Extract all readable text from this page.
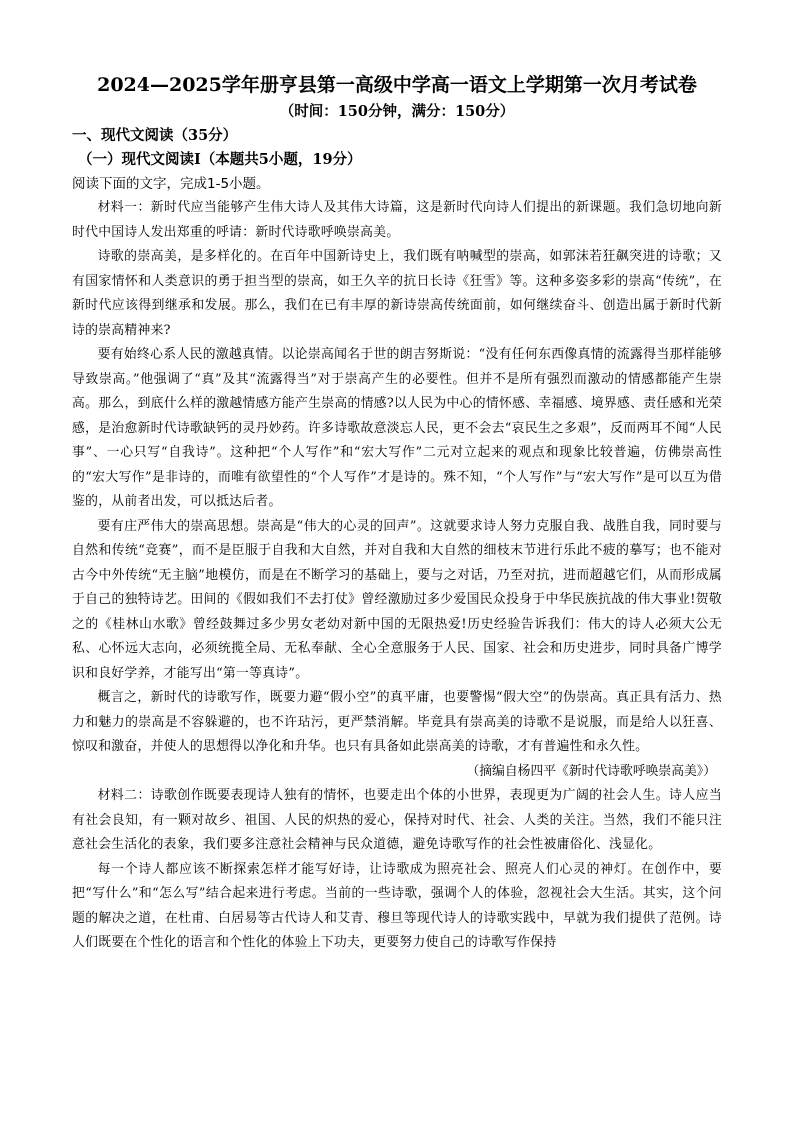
2024—2025学年册亨县第一高级中学高一语文上学期第一次月考试卷

（时间：150分钟，满分：150分）

一、现代文阅读（35分）

（一）现代文阅读Ⅰ（本题共5小题，19分）

阅读下面的文字，完成1-5小题。

材料一：新时代应当能够产生伟大诗人及其伟大诗篇，这是新时代向诗人们提出的新课题。我们急切地向新时代中国诗人发出郑重的呼请：新时代诗歌呼唤崇高美。

诗歌的崇高美，是多样化的。在百年中国新诗史上，我们既有呐喊型的崇高，如郭沫若狂飙突进的诗歌；又有国家情怀和人类意识的勇于担当型的崇高，如王久辛的抗日长诗《狂雪》等。这种多姿多彩的崇高“传统”，在新时代应该得到继承和发展。那么，我们在已有丰厚的新诗崇高传统面前，如何继续奋斗、创造出属于新时代新诗的崇高精神来?

要有始终心系人民的激越真情。以论崇高闻名于世的朗吉努斯说：“没有任何东西像真情的流露得当那样能够导致崇高。”他强调了“真”及其“流露得当”对于崇高产生的必要性。但并不是所有强烈而激动的情感都能产生崇高。那么，到底什么样的激越情感方能产生崇高的情感?以人民为中心的情怀感、幸福感、境界感、责任感和光荣感，是治愈新时代诗歌缺钙的灵丹妙药。许多诗歌故意淡忘人民，更不会去“哀民生之多艰”，反而两耳不闻“人民事”、一心只写“自我诗”。这种把“个人写作”和“宏大写作”二元对立起来的观点和现象比较普遍，仿佛崇高性的“宏大写作”是非诗的，而唯有欲望性的“个人写作”才是诗的。殊不知，“个人写作”与“宏大写作”是可以互为借鉴的，从前者出发，可以抵达后者。

要有庄严伟大的崇高思想。崇高是“伟大的心灵的回声”。这就要求诗人努力克服自我、战胜自我，同时要与自然和传统“竞赛”，而不是臣服于自我和大自然，并对自我和大自然的细枝末节进行乐此不疲的摹写；也不能对古今中外传统“无主脑”地模仿，而是在不断学习的基础上，要与之对话，乃至对抗，进而超越它们，从而形成属于自己的独特诗艺。田间的《假如我们不去打仗》曾经激励过多少爱国民众投身于中华民族抗战的伟大事业!贺敬之的《桂林山水歌》曾经鼓舞过多少男女老幼对新中国的无限热爱!历史经验告诉我们：伟大的诗人必须大公无私、心怀远大志向，必须统揽全局、无私奉献、全心全意服务于人民、国家、社会和历史进步，同时具备广博学识和良好学养，才能写出“第一等真诗”。

概言之，新时代的诗歌写作，既要力避“假小空”的真平庸，也要警惕“假大空”的伪崇高。真正具有活力、热力和魅力的崇高是不容躲避的，也不许玷污，更严禁消解。毕竟具有崇高美的诗歌不是说服，而是给人以狂喜、惊叹和激奋，并使人的思想得以净化和升华。也只有具备如此崇高美的诗歌，才有普遍性和永久性。

（摘编自杨四平《新时代诗歌呼唤崇高美》）

材料二：诗歌创作既要表现诗人独有的情怀，也要走出个体的小世界，表现更为广阔的社会人生。诗人应当有社会良知，有一颗对故乡、祖国、人民的炽热的爱心，保持对时代、社会、人类的关注。当然，我们不能只注意社会生活化的表象，我们要多注意社会精神与民众道德，避免诗歌写作的社会性被庸俗化、浅显化。

每一个诗人都应该不断探索怎样才能写好诗，让诗歌成为照亮社会、照亮人们心灵的神灯。在创作中，要把“写什么”和“怎么写”结合起来进行考虑。当前的一些诗歌，强调个人的体验，忽视社会大生活。其实，这个问题的解决之道，在杜甫、白居易等古代诗人和艾青、穆旦等现代诗人的诗歌实践中，早就为我们提供了范例。诗人们既要在个性化的语言和个性化的体验上下功夫，更要努力使自己的诗歌写作保持
